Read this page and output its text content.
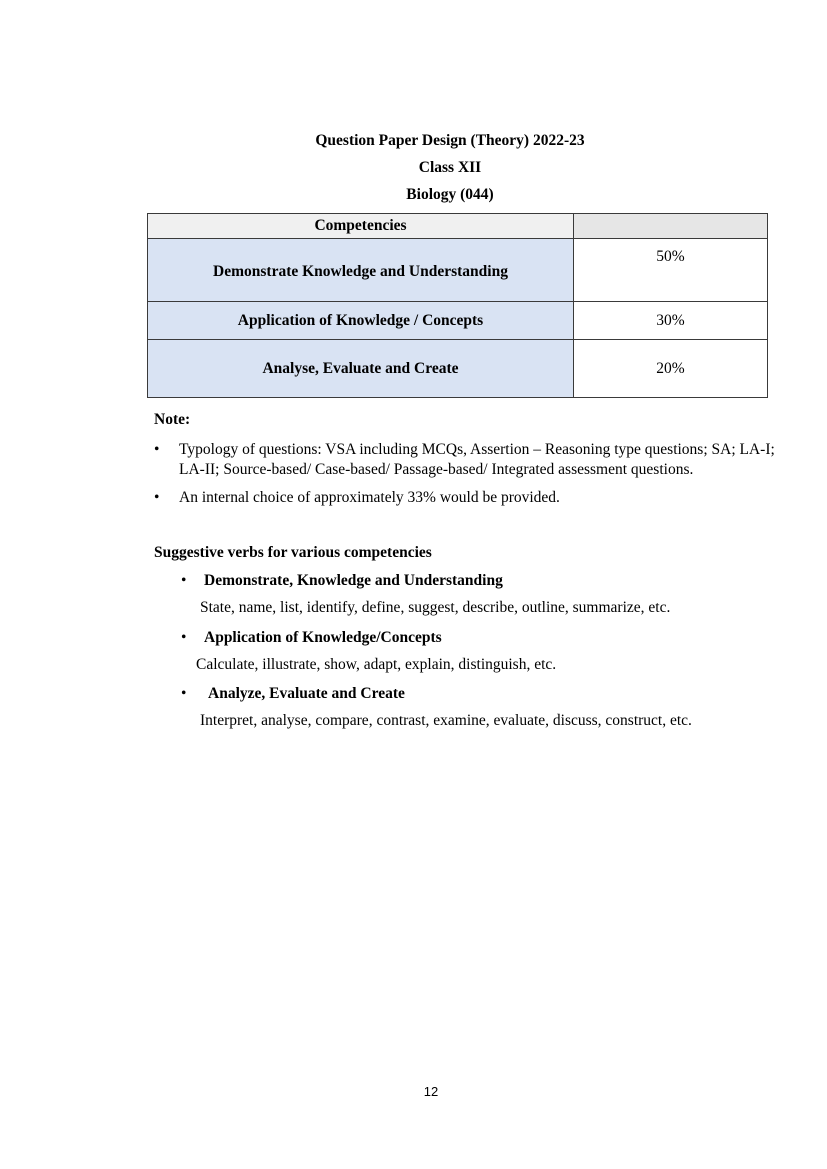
Question Paper Design (Theory) 2022-23
Class XII
Biology (044)
Competencies	
Demonstrate Knowledge and Understanding	50%
Application of Knowledge / Concepts	30%
Analyse, Evaluate and Create	20%

Note:

• Typology of questions: VSA including MCQs, Assertion – Reasoning type questions; SA; LA-I; LA-II; Source-based/ Case-based/ Passage-based/ Integrated assessment questions.
• An internal choice of approximately 33% would be provided.

Suggestive verbs for various competencies

• Demonstrate, Knowledge and Understanding

State, name, list, identify, define, suggest, describe, outline, summarize, etc.

• Application of Knowledge/Concepts

Calculate, illustrate, show, adapt, explain, distinguish, etc.

• Analyze, Evaluate and Create

Interpret, analyse, compare, contrast, examine, evaluate, discuss, construct, etc.

12
